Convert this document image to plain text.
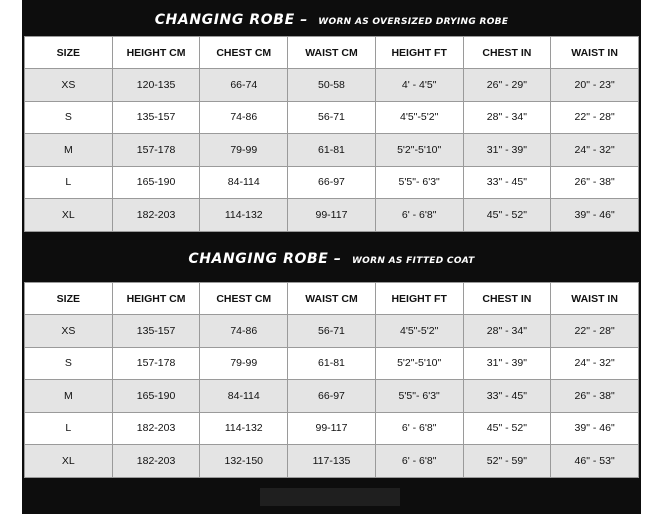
CHANGING ROBE – WORN AS OVERSIZED DRYING ROBE
SIZE	HEIGHT CM	CHEST CM	WAIST CM	HEIGHT FT	CHEST IN	WAIST IN
XS	120-135	66-74	50-58	4' - 4'5"	26" - 29"	20" - 23"
S	135-157	74-86	56-71	4'5"-5'2"	28" - 34"	22" - 28"
M	157-178	79-99	61-81	5'2"-5'10"	31" - 39"	24" - 32"
L	165-190	84-114	66-97	5'5"- 6'3"	33" - 45"	26" - 38"
XL	182-203	114-132	99-117	6' - 6'8"	45" - 52"	39" - 46"
CHANGING ROBE – WORN AS FITTED COAT
SIZE	HEIGHT CM	CHEST CM	WAIST CM	HEIGHT FT	CHEST IN	WAIST IN
XS	135-157	74-86	56-71	4'5"-5'2"	28" - 34"	22" - 28"
S	157-178	79-99	61-81	5'2"-5'10"	31" - 39"	24" - 32"
M	165-190	84-114	66-97	5'5"- 6'3"	33" - 45"	26" - 38"
L	182-203	114-132	99-117	6' - 6'8"	45" - 52"	39" - 46"
XL	182-203	132-150	117-135	6' - 6'8"	52" - 59"	46" - 53"
